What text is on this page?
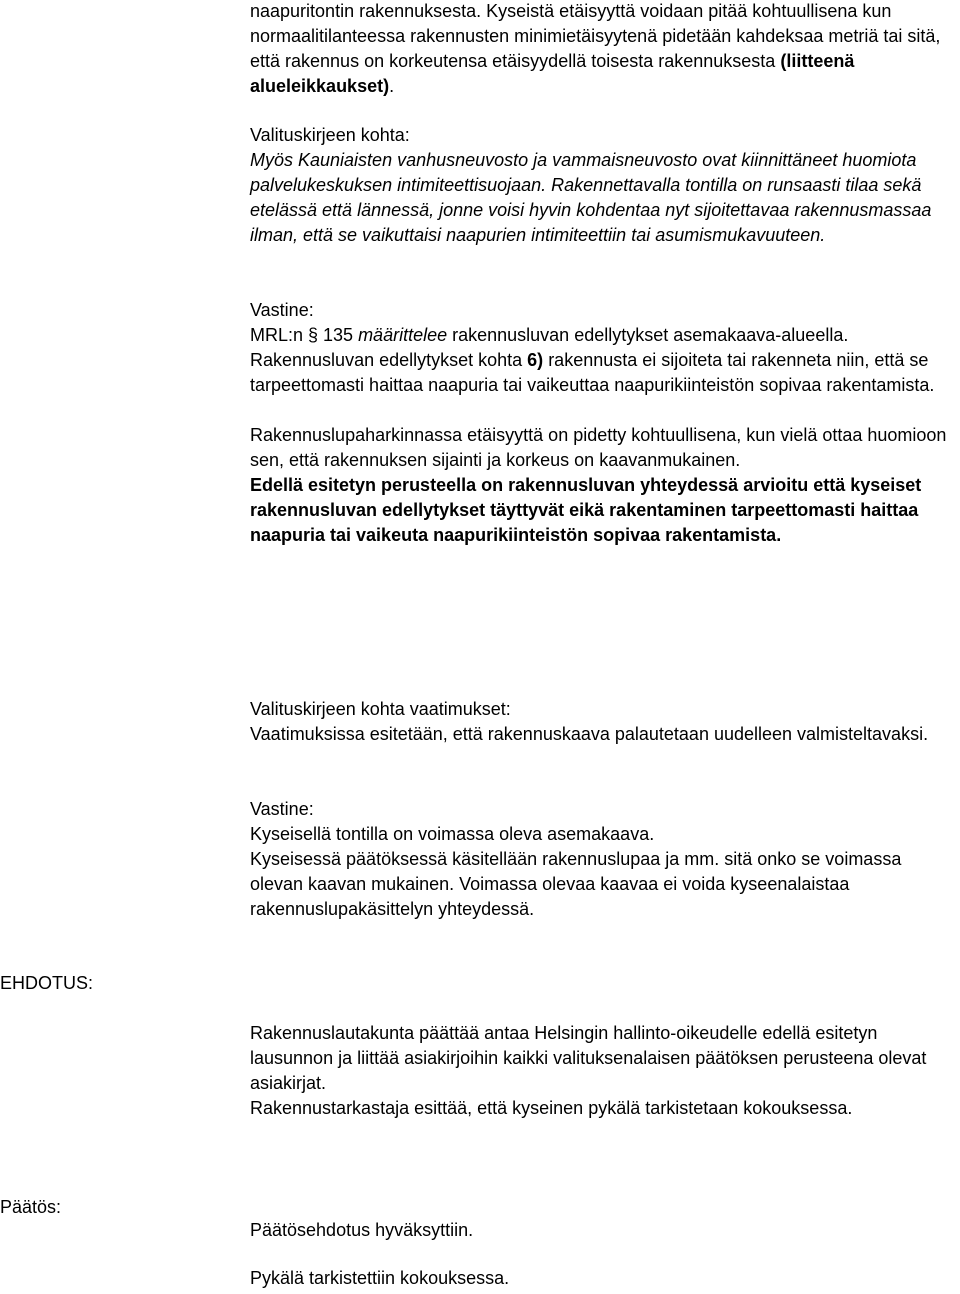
naapuritontin rakennuksesta. Kyseistä etäisyyttä voidaan pitää kohtuullisena kun normaalitilanteessa rakennusten minimietäisyytenä pidetään kahdeksaa metriä tai sitä, että rakennus on korkeutensa etäisyydellä toisesta rakennuksesta (liitteenä alueleikkaukset).

Valituskirjeen kohta:

Myös Kauniaisten vanhusneuvosto ja vammaisneuvosto ovat kiinnittäneet huomiota palvelukeskuksen intimiteettisuojaan. Rakennettavalla tontilla on runsaasti tilaa sekä etelässä että lännessä, jonne voisi hyvin kohdentaa nyt sijoitettavaa rakennusmassaa ilman, että se vaikuttaisi naapurien intimiteettiin tai asumismukavuuteen.

Vastine:

MRL:n § 135 määrittelee rakennusluvan edellytykset asemakaava-alueella.

Rakennusluvan edellytykset kohta 6) rakennusta ei sijoiteta tai rakenneta niin, että se tarpeettomasti haittaa naapuria tai vaikeuttaa naapurikiinteistön sopivaa rakentamista.

Rakennuslupaharkinnassa etäisyyttä on pidetty kohtuullisena, kun vielä ottaa huomioon sen, että rakennuksen sijainti ja korkeus on kaavanmukainen.

Edellä esitetyn perusteella on rakennusluvan yhteydessä arvioitu että kyseiset rakennusluvan edellytykset täyttyvät eikä rakentaminen tarpeettomasti haittaa naapuria tai vaikeuta naapurikiinteistön sopivaa rakentamista.

Valituskirjeen kohta vaatimukset:

Vaatimuksissa esitetään, että rakennuskaava palautetaan uudelleen valmisteltavaksi.

Vastine:

Kyseisellä tontilla on voimassa oleva asemakaava.

Kyseisessä päätöksessä käsitellään rakennuslupaa ja mm. sitä onko se voimassa olevan kaavan mukainen. Voimassa olevaa kaavaa ei voida kyseenalaistaa rakennuslupakäsittelyn yhteydessä.

EHDOTUS:

Rakennuslautakunta päättää antaa Helsingin hallinto-oikeudelle edellä esitetyn lausunnon ja liittää asiakirjoihin kaikki valituksenalaisen päätöksen perusteena olevat asiakirjat.

Rakennustarkastaja esittää, että kyseinen pykälä tarkistetaan kokouksessa.

Päätös:
Päätösehdotus hyväksyttiin.
Pykälä tarkistettiin kokouksessa.
